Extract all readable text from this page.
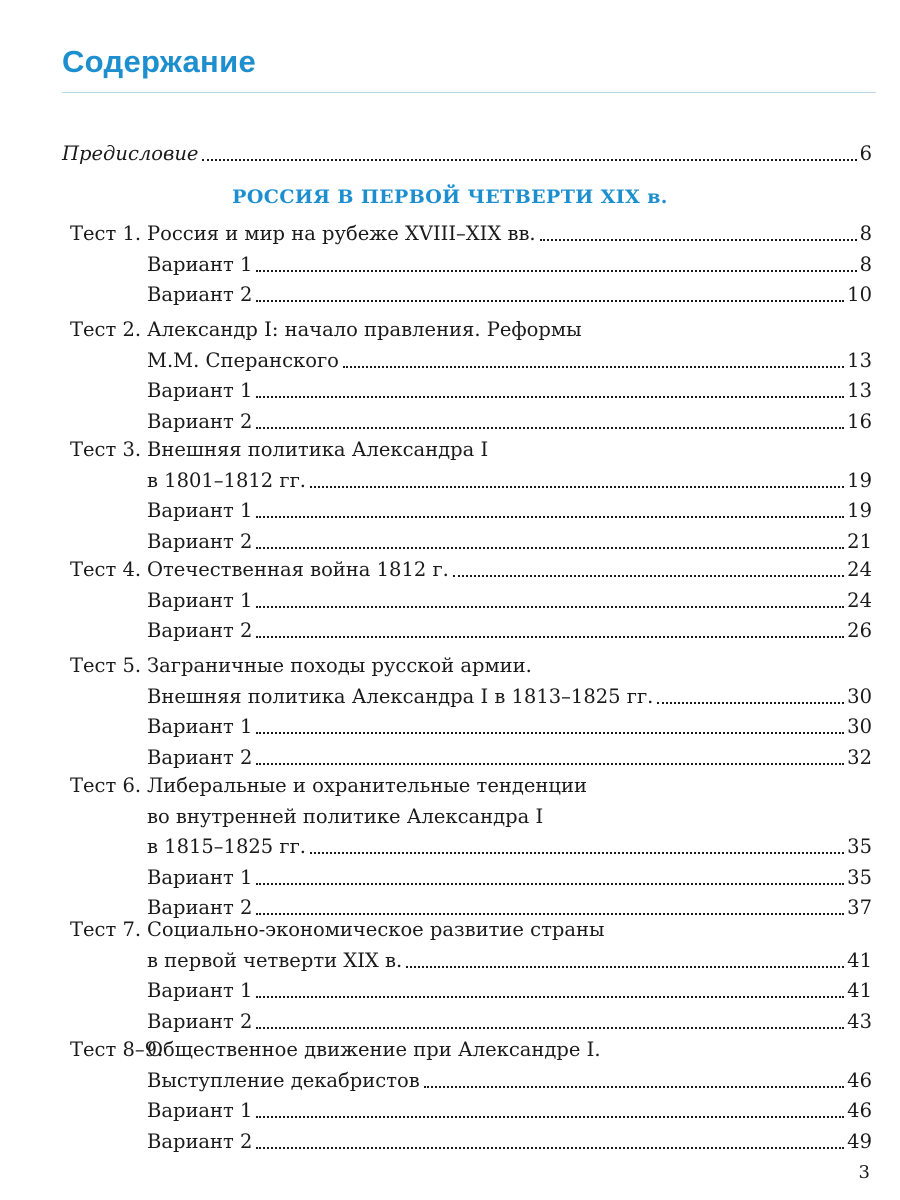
Содержание
Предисловие	6
РОССИЯ В ПЕРВОЙ ЧЕТВЕРТИ XIX в.
Тест 1. Россия и мир на рубеже XVIII–XIX вв.	8
Вариант 1	8
Вариант 2	10
Тест 2. Александр I: начало правления. Реформы
М.М. Сперанского	13
Вариант 1	13
Вариант 2	16
Тест 3. Внешняя политика Александра I
в 1801–1812 гг.	19
Вариант 1	19
Вариант 2	21
Тест 4. Отечественная война 1812 г.	24
Вариант 1	24
Вариант 2	26
Тест 5. Заграничные походы русской армии.
Внешняя политика Александра I в 1813–1825 гг.	30
Вариант 1	30
Вариант 2	32
Тест 6. Либеральные и охранительные тенденции
во внутренней политике Александра I
в 1815–1825 гг.	35
Вариант 1	35
Вариант 2	37
Тест 7. Социально-экономическое развитие страны
в первой четверти XIX в.	41
Вариант 1	41
Вариант 2	43
Тест 8–9.
Общественное движение при Александре I.
Выступление декабристов	46
Вариант 1	46
Вариант 2	49
3
